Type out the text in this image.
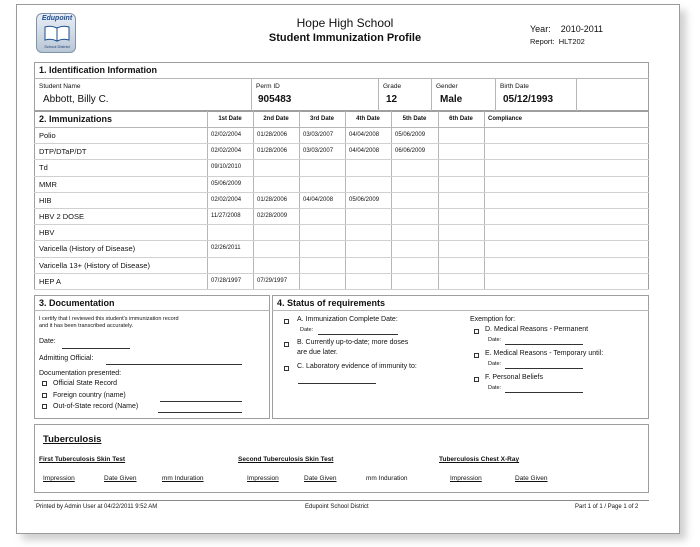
Edupoint
School District
Hope High School
Student Immunization Profile
Year: 2010-2011
Report: HLT202
1. Identification Information
Student Name
Abbott, Billy C.
Perm ID
905483
Grade
12
Gender
Male
Birth Date
05/12/1993
2. Immunizations	1st Date	2nd Date	3rd Date	4th Date	5th Date	6th Date	Compliance
Polio	02/02/2004	01/28/2006	03/03/2007	04/04/2008	05/06/2009
DTP/DTaP/DT	02/02/2004	01/28/2006	03/03/2007	04/04/2008	06/06/2009
Td	09/10/2010
MMR	05/06/2009
HIB	02/02/2004	01/28/2006	04/04/2008	05/06/2009
HBV 2 DOSE	11/27/2008	02/28/2009
HBV
Varicella (History of Disease)	02/26/2011
Varicella 13+ (History of Disease)
HEP A	07/28/1997	07/29/1997
3. Documentation
I certify that I reviewed this student's immunization record
and it has been transcribed accurately.
Date:
Admitting Official:
Documentation presented:
Official State Record
Foreign country (name)
Out-of-State record (Name)
4. Status of requirements
A. Immunization Complete Date:
Date:
B. Currently up-to-date; more doses
are due later.
C. Laboratory evidence of immunity to:
Exemption for:
D. Medical Reasons - Permanent
Date:
E. Medical Reasons - Temporary until:
Date:
F. Personal Beliefs
Date:
Tuberculosis
First Tuberculosis Skin Test	Second Tuberculosis Skin Test	Tuberculosis Chest X-Ray
Impression	Date Given	mm Induration	Impression	Date Given	mm Induration	Impression	Date Given
Printed by Admin User at 04/22/2011 9:52 AM	Edupoint School District	Part 1 of 1 / Page 1 of 2
